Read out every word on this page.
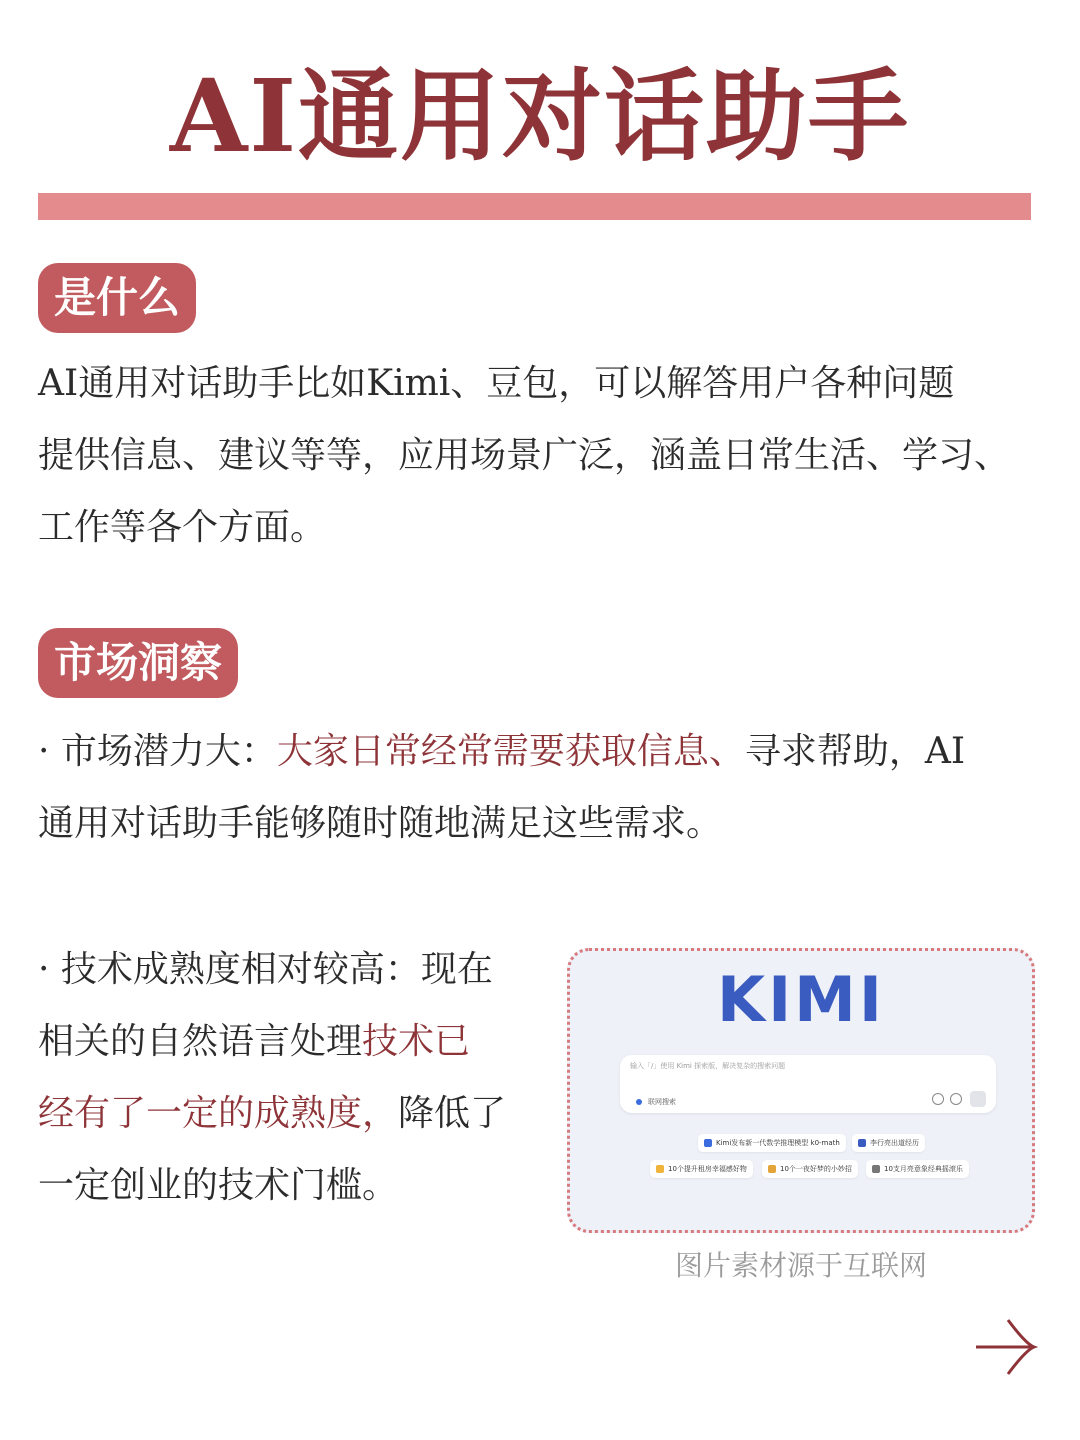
AI通用对话助手
是什么
AI通用对话助手比如Kimi、豆包，可以解答用户各种问题
提供信息、建议等等，应用场景广泛，涵盖日常生活、学习、
工作等各个方面。
市场洞察
· 市场潜力大：大家日常经常需要获取信息、寻求帮助，AI
通用对话助手能够随时随地满足这些需求。
· 技术成熟度相对较高：现在
相关的自然语言处理技术已
经有了一定的成熟度，降低了
一定创业的技术门槛。
KIMI
输入「/」使用 Kimi 探索版，解决复杂的搜索问题
联网搜索
Kimi发布新一代数学推理模型 k0-math	李行亮出道经历
10个提升租房幸福感好物	10个一夜好梦的小妙招	10支月亮意象经典摇滚乐
图片素材源于互联网
